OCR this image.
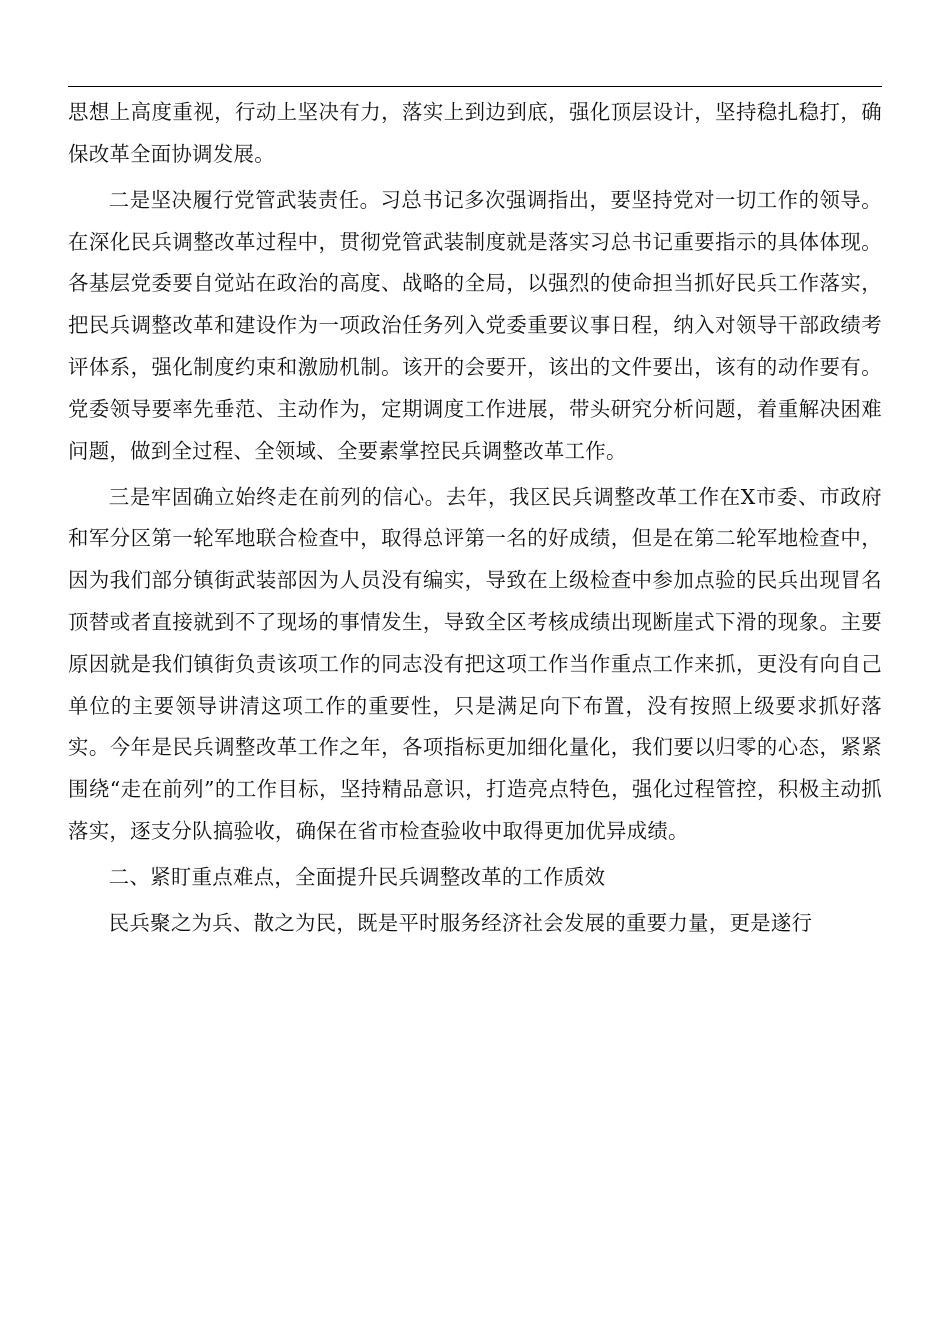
思想上高度重视，行动上坚决有力，落实上到边到底，强化顶层设计，坚持稳扎稳打，确保改革全面协调发展。

二是坚决履行党管武装责任。习总书记多次强调指出，要坚持党对一切工作的领导。在深化民兵调整改革过程中，贯彻党管武装制度就是落实习总书记重要指示的具体体现。各基层党委要自觉站在政治的高度、战略的全局，以强烈的使命担当抓好民兵工作落实，把民兵调整改革和建设作为一项政治任务列入党委重要议事日程，纳入对领导干部政绩考评体系，强化制度约束和激励机制。该开的会要开，该出的文件要出，该有的动作要有。党委领导要率先垂范、主动作为，定期调度工作进展，带头研究分析问题，着重解决困难问题，做到全过程、全领域、全要素掌控民兵调整改革工作。

三是牢固确立始终走在前列的信心。去年，我区民兵调整改革工作在X市委、市政府和军分区第一轮军地联合检查中，取得总评第一名的好成绩，但是在第二轮军地检查中，因为我们部分镇街武装部因为人员没有编实，导致在上级检查中参加点验的民兵出现冒名顶替或者直接就到不了现场的事情发生，导致全区考核成绩出现断崖式下滑的现象。主要原因就是我们镇街负责该项工作的同志没有把这项工作当作重点工作来抓，更没有向自己单位的主要领导讲清这项工作的重要性，只是满足向下布置，没有按照上级要求抓好落实。今年是民兵调整改革工作之年，各项指标更加细化量化，我们要以归零的心态，紧紧围绕“走在前列”的工作目标，坚持精品意识，打造亮点特色，强化过程管控，积极主动抓落实，逐支分队搞验收，确保在省市检查验收中取得更加优异成绩。

二、紧盯重点难点，全面提升民兵调整改革的工作质效

民兵聚之为兵、散之为民，既是平时服务经济社会发展的重要力量，更是遂行
